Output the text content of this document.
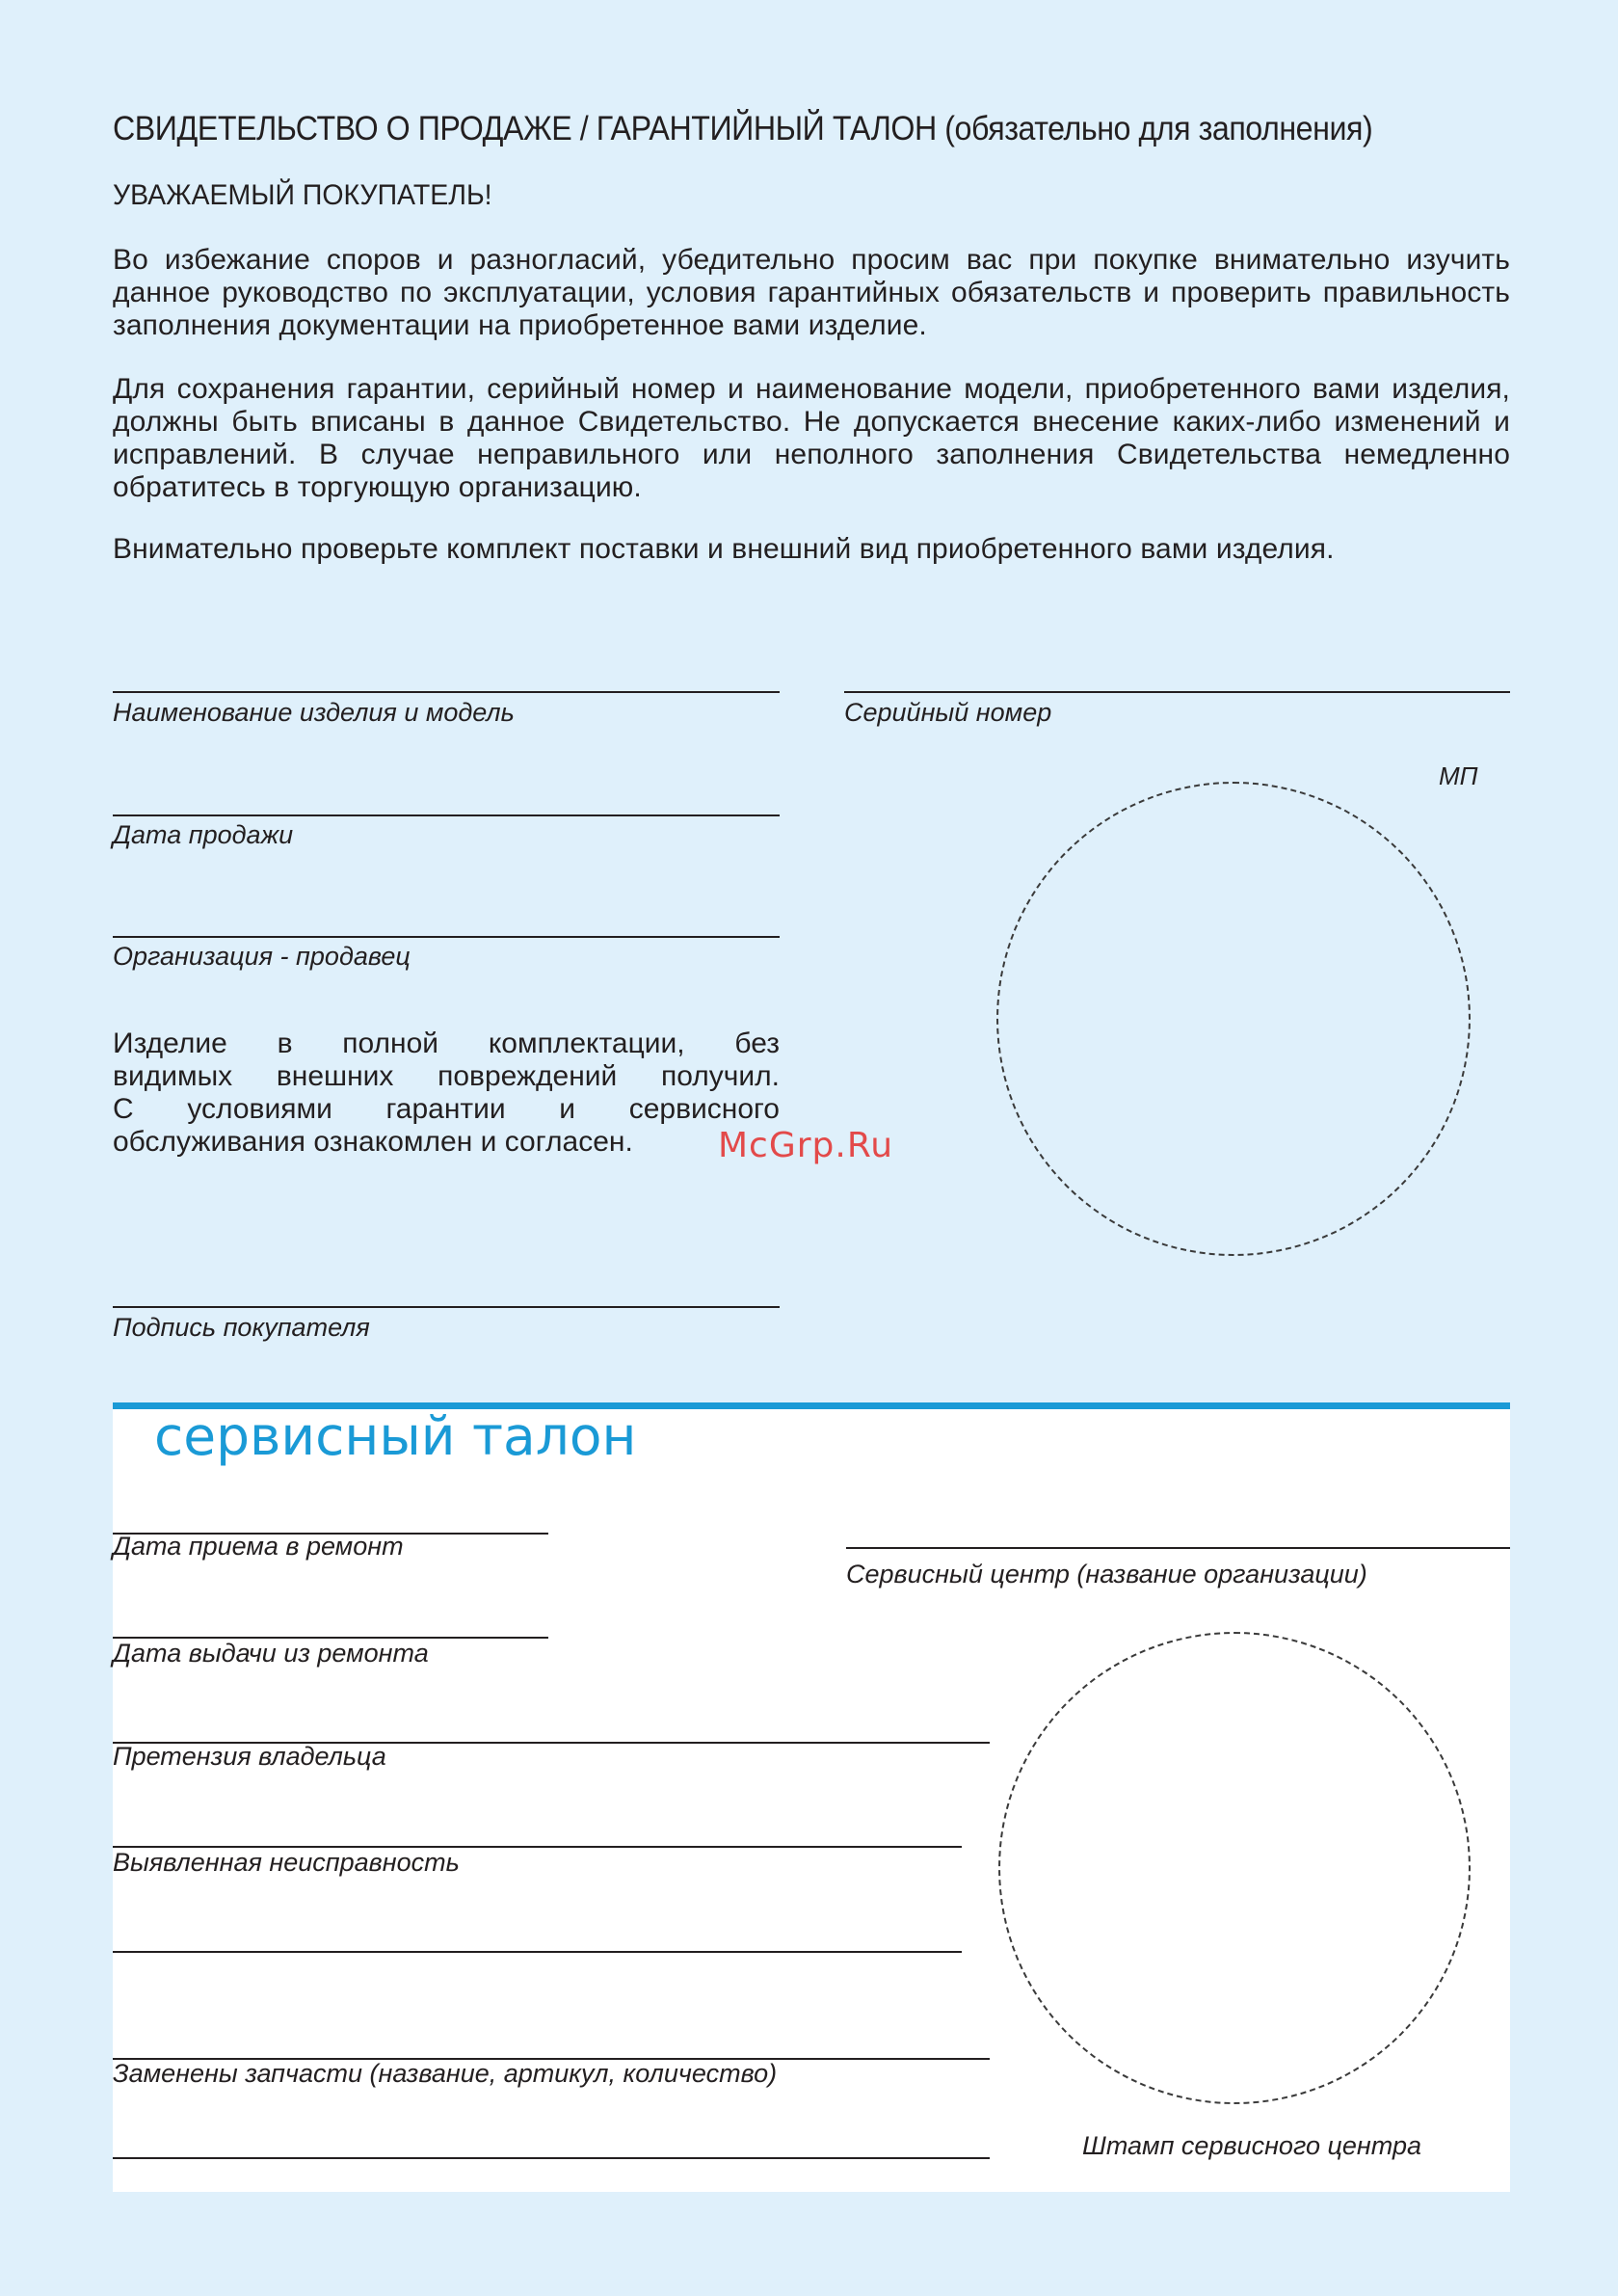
СВИДЕТЕЛЬСТВО О ПРОДАЖЕ / ГАРАНТИЙНЫЙ ТАЛОН (обязательно для заполнения)
УВАЖАЕМЫЙ ПОКУПАТЕЛЬ!
Во избежание споров и разногласий, убедительно просим вас при покупке внимательно изучить данное руководство по эксплуатации, условия гарантийных обязательств и проверить правильность заполнения документации на приобретенное вами изделие.
Для сохранения гарантии, серийный номер и наименование модели, приобретенного вами изделия, должны быть вписаны в данное Свидетельство. Не допускается внесение каких-либо изменений и исправлений. В случае неправильного или неполного заполнения Свидетельства немедленно обратитесь в торгующую организацию.
Внимательно проверьте комплект поставки и внешний вид приобретенного вами изделия.
Наименование изделия и модель	Серийный номер
МП
Дата продажи
Организация - продавец
Изделие в полной комплектации, без
видимых внешних повреждений получил.
С условиями гарантии и сервисного
обслуживания ознакомлен и согласен.	McGrp.Ru
Подпись покупателя
сервисный талон
Дата приема в ремонт
Сервисный центр (название организации)
Дата выдачи из ремонта
Претензия владельца
Выявленная неисправность
Заменены запчасти (название, артикул, количество)
Штамп сервисного центра
